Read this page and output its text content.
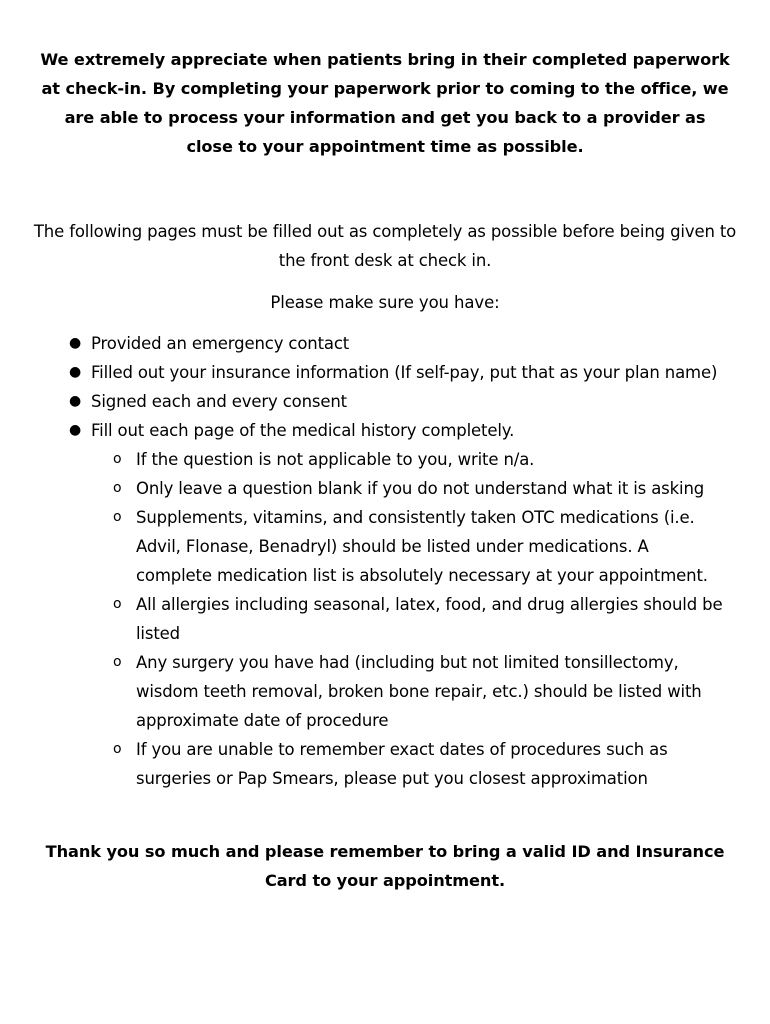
We extremely appreciate when patients bring in their completed paperwork at check-in. By completing your paperwork prior to coming to the office, we are able to process your information and get you back to a provider as close to your appointment time as possible.

The following pages must be filled out as completely as possible before being given to the front desk at check in.

Please make sure you have:

● Provided an emergency contact
● Filled out your insurance information (If self-pay, put that as your plan name)
● Signed each and every consent
● Fill out each page of the medical history completely.
o If the question is not applicable to you, write n/a.
o Only leave a question blank if you do not understand what it is asking
o Supplements, vitamins, and consistently taken OTC medications (i.e. Advil, Flonase, Benadryl) should be listed under medications. A complete medication list is absolutely necessary at your appointment.
o All allergies including seasonal, latex, food, and drug allergies should be listed
o Any surgery you have had (including but not limited tonsillectomy, wisdom teeth removal, broken bone repair, etc.) should be listed with approximate date of procedure
o If you are unable to remember exact dates of procedures such as surgeries or Pap Smears, please put you closest approximation

Thank you so much and please remember to bring a valid ID and Insurance Card to your appointment.
